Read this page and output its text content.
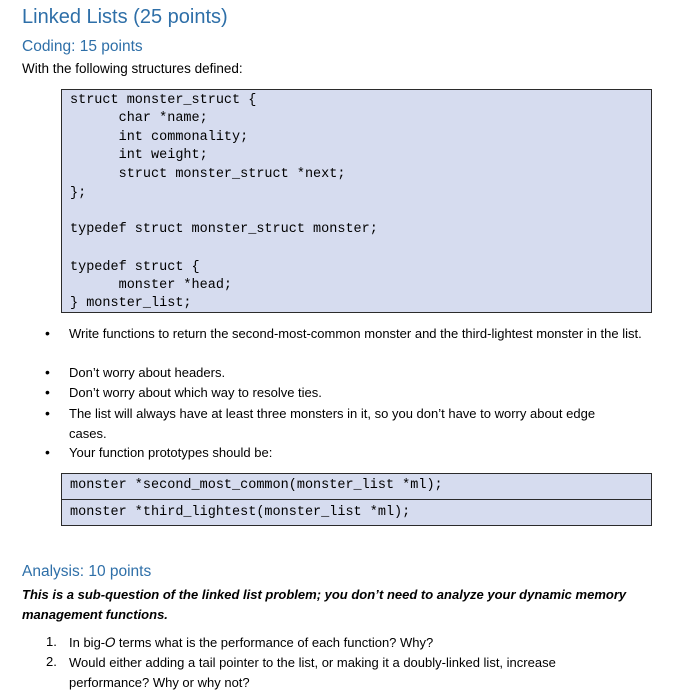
Linked Lists (25 points)
Coding: 15 points
With the following structures defined:
struct monster_struct {
char *name;
int commonality;
int weight;
struct monster_struct *next;
};
typedef struct monster_struct monster;
typedef struct {
monster *head;
} monster_list;
• Write functions to return the second-most-common monster and the third-lightest monster in the list.
• Don’t worry about headers.
• Don’t worry about which way to resolve ties.
• The list will always have at least three monsters in it, so you don’t have to worry about edge cases.
• Your function prototypes should be:
monster *second_most_common(monster_list *ml);
monster *third_lightest(monster_list *ml);
Analysis: 10 points
This is a sub-question of the linked list problem; you don’t need to analyze your dynamic memory management functions.
1. In big-𝑂 terms what is the performance of each function? Why?
2. Would either adding a tail pointer to the list, or making it a doubly-linked list, increase performance? Why or why not?
